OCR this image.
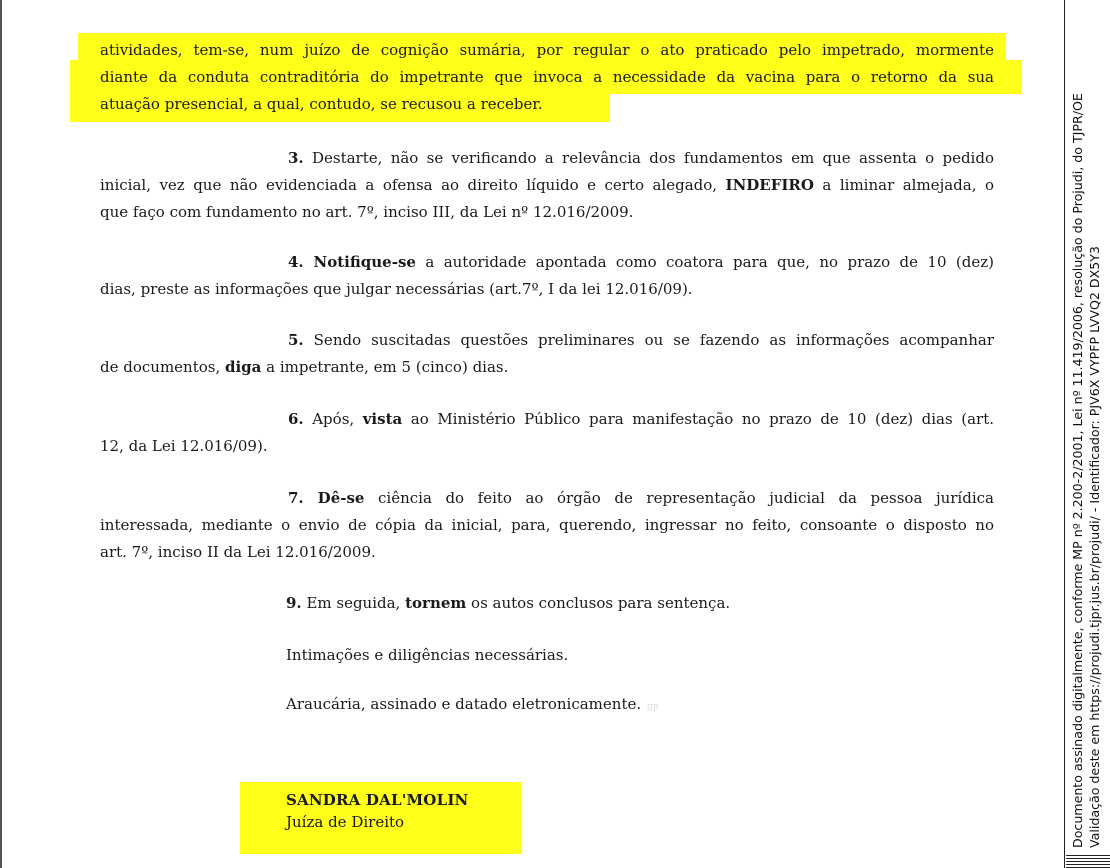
atividades, tem-se, num juízo de cognição sumária, por regular o ato praticado pelo impetrado, mormente
diante da conduta contraditória do impetrante que invoca a necessidade da vacina para o retorno da sua
atuação presencial, a qual, contudo, se recusou a receber.
3. Destarte, não se verificando a relevância dos fundamentos em que assenta o pedido
inicial, vez que não evidenciada a ofensa ao direito líquido e certo alegado, INDEFIRO a liminar almejada, o
que faço com fundamento no art. 7º, inciso III, da Lei nº 12.016/2009.
4. Notifique-se a autoridade apontada como coatora para que, no prazo de 10 (dez)
dias, preste as informações que julgar necessárias (art.7º, I da lei 12.016/09).
5. Sendo suscitadas questões preliminares ou se fazendo as informações acompanhar
de documentos, diga a impetrante, em 5 (cinco) dias.
6. Após, vista ao Ministério Público para manifestação no prazo de 10 (dez) dias (art.
12, da Lei 12.016/09).
7. Dê-se ciência do feito ao órgão de representação judicial da pessoa jurídica
interessada, mediante o envio de cópia da inicial, para, querendo, ingressar no feito, consoante o disposto no
art. 7º, inciso II da Lei 12.016/2009.
9. Em seguida, tornem os autos conclusos para sentença.
Intimações e diligências necessárias.
Araucária, assinado e datado eletronicamente. gp
SANDRA DAL'MOLIN
Juíza de Direito	Documento assinado digitalmente, conforme MP nº 2.200-2/2001, Lei nº 11.419/2006, resolução do Projudi, do TJPR/OE Validação deste em https://projudi.tjpr.jus.br/projudi/ - Identificador: PJV6X VYPFP LVVQ2 DX5Y3
